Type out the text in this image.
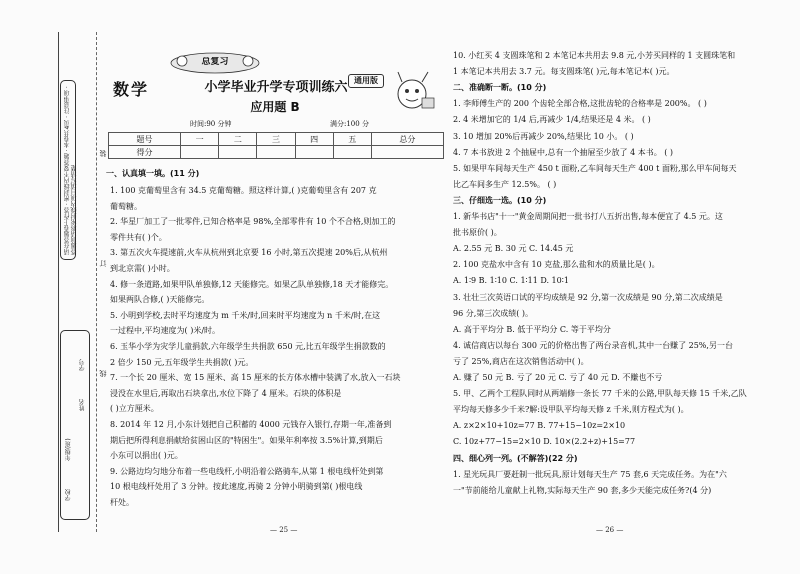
请在答题卷上作答 · 密封线内不要答题 · 本卷共4页 · 注意事项 · 答题前请将密封线内项目填写清楚
学校
年级(班)
姓名
学号
装
订
线
总复习
数学	小学毕业升学专项训练六
应用题 B
通用版
时间:90 分钟	满分:100 分
题号	一	二	三	四	五	总分
得分						
一、认真填一填。(11 分)
1. 100 克葡萄里含有 34.5 克葡萄糖。照这样计算,( )克葡萄里含有 207 克
葡萄糖。
2. 华星厂加工了一批零件,已知合格率是 98%,全部零件有 10 个不合格,则加工的
零件共有( )个。
3. 第五次火车提速前,火车从杭州到北京要 16 小时,第五次提速 20%后,从杭州
到北京需( )小时。
4. 修一条道路,如果甲队单独修,12 天能修完。如果乙队单独修,18 天才能修完。
如果两队合修,( )天能修完。
5. 小明到学校,去时平均速度为 m 千米/时,回来时平均速度为 n 千米/时,在这
一过程中,平均速度为( )米/时。
6. 玉华小学为灾学儿童捐款,六年级学生共捐款 650 元,比五年级学生捐款数的
2 倍少 150 元,五年级学生共捐款( )元。
7. 一个长 20 厘米、宽 15 厘米、高 15 厘米的长方体水槽中装满了水,放入一石块
浸没在水里后,再取出石块拿出,水位下降了 4 厘米。石块的体积是
( )立方厘米。
8. 2014 年 12 月,小东计划把自己积蓄的 4000 元钱存入银行,存期一年,准备到
期后把所得利息捐献给贫困山区的"特困生"。如果年利率按 3.5%计算,到期后
小东可以捐出( )元。
9. 公路边均匀地分布着一些电线杆,小明沿着公路骑车,从第 1 根电线杆处到第
10 根电线杆处用了 3 分钟。按此速度,再骑 2 分钟小明骑到第( )根电线
杆处。
— 25 —
10. 小红买 4 支圆珠笔和 2 本笔记本共用去 9.8 元,小芳买同样的 1 支圆珠笔和
1 本笔记本共用去 3.7 元。每支圆珠笔( )元,每本笔记本( )元。
二、准确断一断。(10 分)
1. 李师傅生产的 200 个齿轮全部合格,这批齿轮的合格率是 200%。 ( )
2. 4 米增加它的 1/4 后,再减少 1/4,结果还是 4 米。 ( )
3. 10 增加 20%后再减少 20%,结果比 10 小。 ( )
4. 7 本书放进 2 个抽屉中,总有一个抽屉至少放了 4 本书。 ( )
5. 如果甲车间每天生产 450 t 面粉,乙车间每天生产 400 t 面粉,那么甲车间每天
比乙车间多生产 12.5%。 ( )
三、仔细选一选。(10 分)
1. 新华书店"十一"黄金周期间把一批书打八五折出售,每本便宜了 4.5 元。这
批书原价( )。
A. 2.55 元 B. 30 元 C. 14.45 元
2. 100 克盐水中含有 10 克盐,那么盐和水的质量比是( )。
A. 1∶9 B. 1∶10 C. 1∶11 D. 10∶1
3. 壮壮三次英语口试的平均成绩是 92 分,第一次成绩是 90 分,第二次成绩是
96 分,第三次成绩( )。
A. 高于平均分 B. 低于平均分 C. 等于平均分
4. 诚信商店以每台 300 元的价格出售了两台录音机,其中一台赚了 25%,另一台
亏了 25%,商店在这次销售活动中( )。
A. 赚了 50 元 B. 亏了 20 元 C. 亏了 40 元 D. 不赚也不亏
5. 甲、乙两个工程队同时从两端修一条长 77 千米的公路,甲队每天修 15 千米,乙队
平均每天修多少千米?解:设甲队平均每天修 z 千米,则方程式为( )。
A. z×2×10+10z=77 B. 77+15−10z=2×10
C. 10z+77−15=2×10 D. 10×(2.2+z)+15=77
四、细心列一列。(不解答)(22 分)
1. 星光玩具厂要赶制一批玩具,原计划每天生产 75 套,6 天完成任务。为在"六
一"节前能给儿童献上礼物,实际每天生产 90 套,多少天能完成任务?(4 分)
— 26 —
